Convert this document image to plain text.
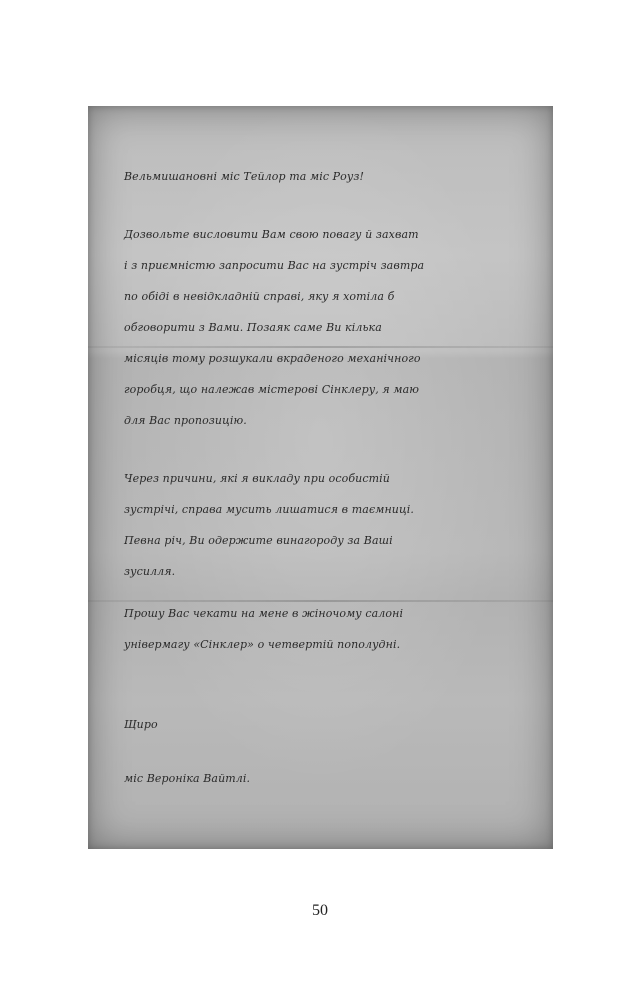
Вельмишановні міс Тейлор та міс Роуз!
Дозвольте висловити Вам свою повагу й захват
і з приємністю запросити Вас на зустріч завтра
по обіді в невідкладній справі, яку я хотіла б
обговорити з Вами. Позаяк саме Ви кілька
місяців тому розшукали вкраденого механічного
горобця, що належав містерові Сінклеру, я маю
для Вас пропозицію.
Через причини, які я викладу при особистій
зустрічі, справа мусить лишатися в таємниці.
Певна річ, Ви одержите винагороду за Ваші
зусилля.
Прошу Вас чекати на мене в жіночому салоні
універмагу «Сінклер» о четвертій пополудні.
Щиро
міс Вероніка Вайтлі.
50
